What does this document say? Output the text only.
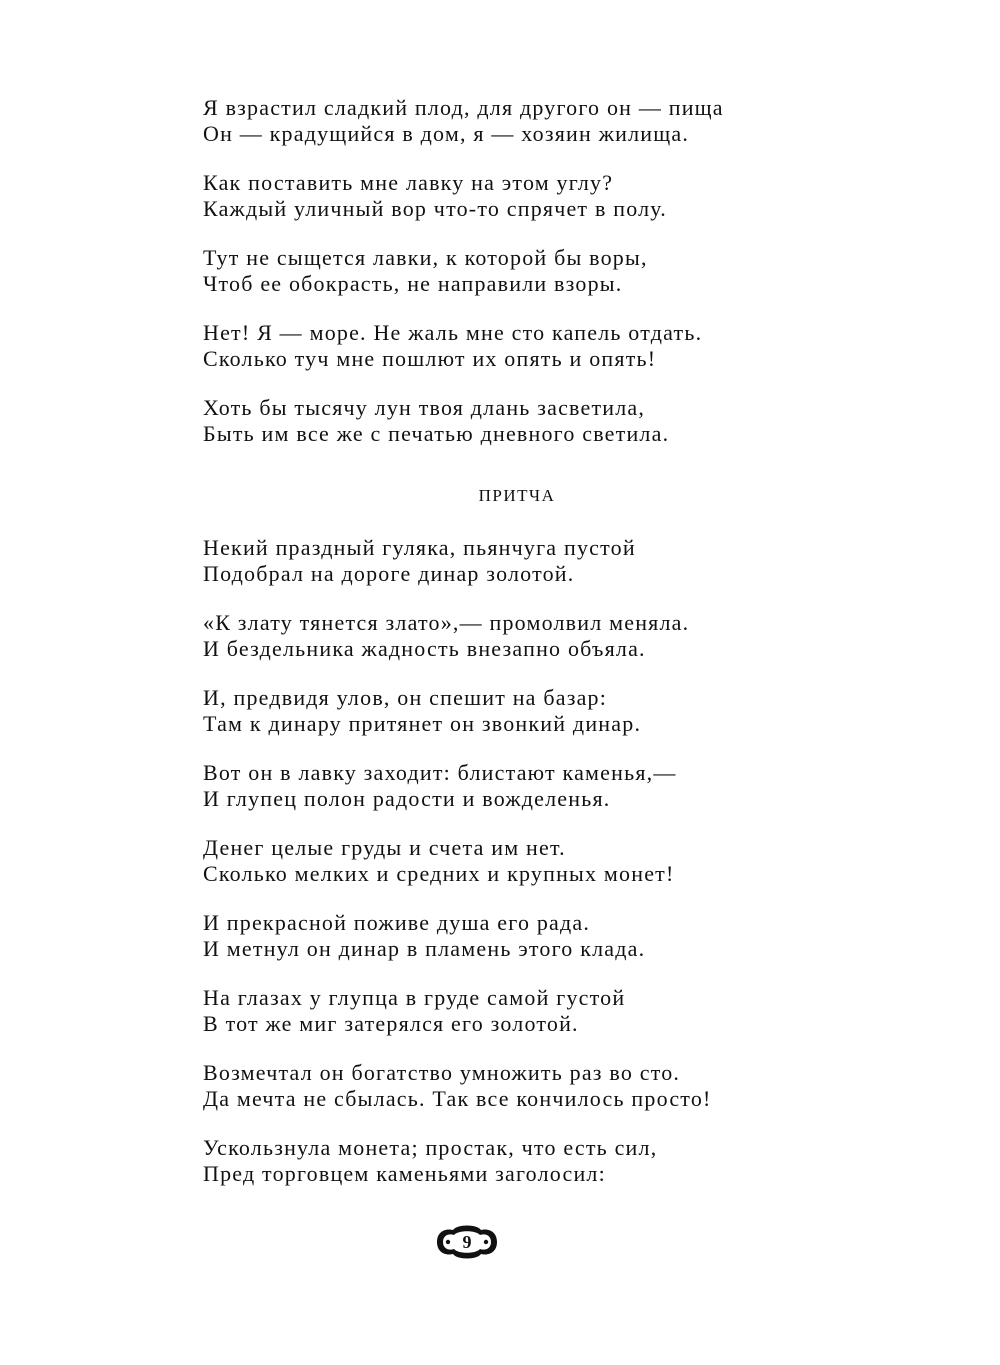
Я взрастил сладкий плод, для другого он — пища
Он — крадущийся в дом, я — хозяин жилища.
Как поставить мне лавку на этом углу?
Каждый уличный вор что-то спрячет в полу.
Тут не сыщется лавки, к которой бы воры,
Чтоб ее обокрасть, не направили взоры.
Нет! Я — море. Не жаль мне сто капель отдать.
Сколько туч мне пошлют их опять и опять!
Хоть бы тысячу лун твоя длань засветила,
Быть им все же с печатью дневного светила.
ПРИТЧА
Некий праздный гуляка, пьянчуга пустой
Подобрал на дороге динар золотой.
«К злату тянется злато»,— промолвил меняла.
И бездельника жадность внезапно объяла.
И, предвидя улов, он спешит на базар:
Там к динару притянет он звонкий динар.
Вот он в лавку заходит: блистают каменья,—
И глупец полон радости и вожделенья.
Денег целые груды и счета им нет.
Сколько мелких и средних и крупных монет!
И прекрасной поживе душа его рада.
И метнул он динар в пламень этого клада.
На глазах у глупца в груде самой густой
В тот же миг затерялся его золотой.
Возмечтал он богатство умножить раз во сто.
Да мечта не сбылась. Так все кончилось просто!
Ускользнула монета; простак, что есть сил,
Пред торговцем каменьями заголосил:
9
